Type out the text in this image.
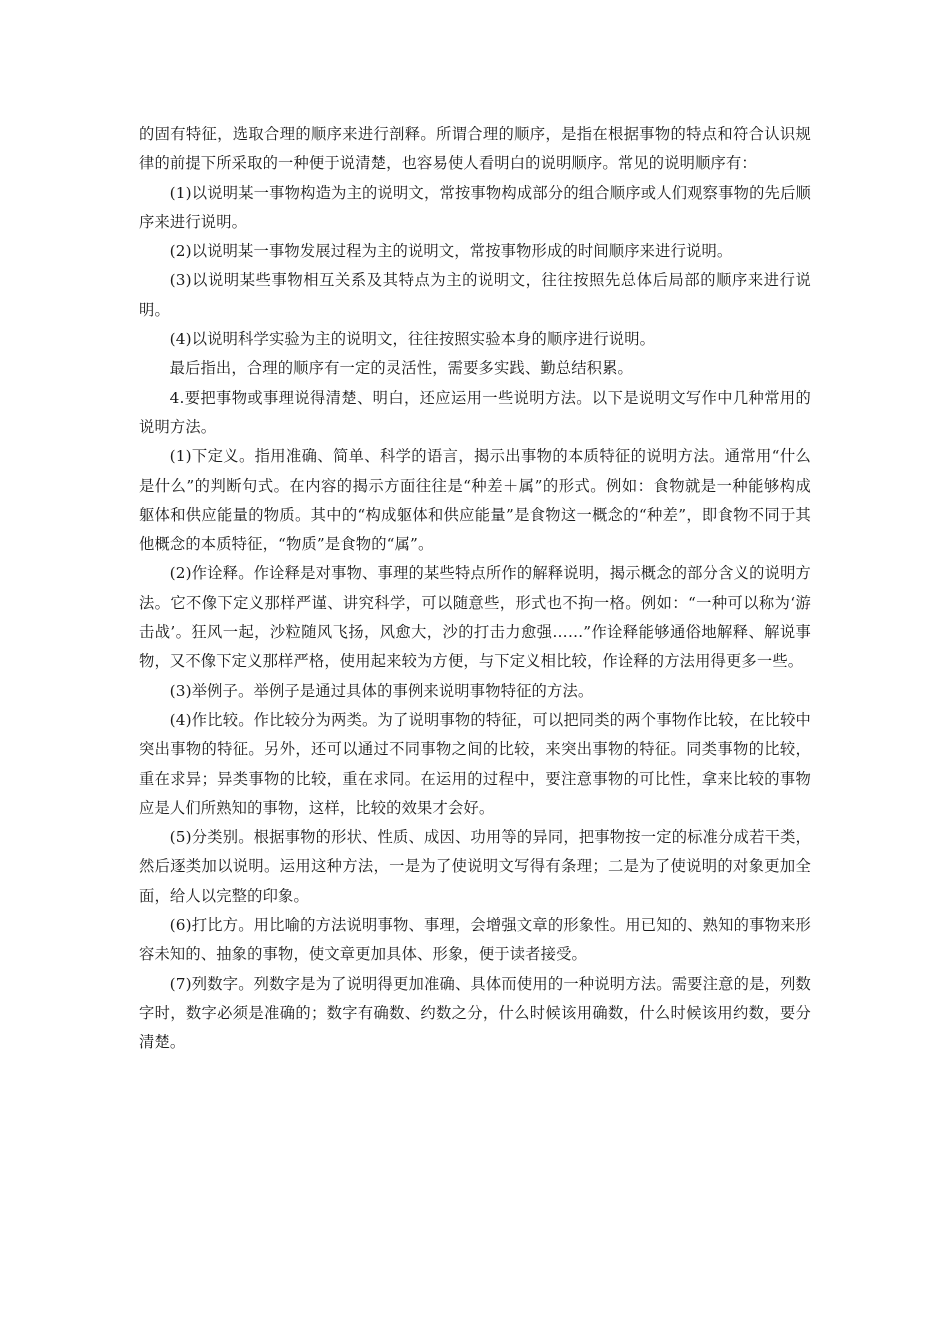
的固有特征，选取合理的顺序来进行剖释。所谓合理的顺序，是指在根据事物的特点和符合认识规律的前提下所采取的一种便于说清楚，也容易使人看明白的说明顺序。常见的说明顺序有：

(1)以说明某一事物构造为主的说明文，常按事物构成部分的组合顺序或人们观察事物的先后顺序来进行说明。

(2)以说明某一事物发展过程为主的说明文，常按事物形成的时间顺序来进行说明。

(3)以说明某些事物相互关系及其特点为主的说明文，往往按照先总体后局部的顺序来进行说明。

(4)以说明科学实验为主的说明文，往往按照实验本身的顺序进行说明。

最后指出，合理的顺序有一定的灵活性，需要多实践、勤总结积累。

4.要把事物或事理说得清楚、明白，还应运用一些说明方法。以下是说明文写作中几种常用的说明方法。

(1)下定义。指用准确、简单、科学的语言，揭示出事物的本质特征的说明方法。通常用“什么是什么”的判断句式。在内容的揭示方面往往是“种差＋属”的形式。例如：食物就是一种能够构成躯体和供应能量的物质。其中的“构成躯体和供应能量”是食物这一概念的“种差”，即食物不同于其他概念的本质特征，“物质”是食物的“属”。

(2)作诠释。作诠释是对事物、事理的某些特点所作的解释说明，揭示概念的部分含义的说明方法。它不像下定义那样严谨、讲究科学，可以随意些，形式也不拘一格。例如：“一种可以称为‘游击战’。狂风一起，沙粒随风飞扬，风愈大，沙的打击力愈强……”作诠释能够通俗地解释、解说事物，又不像下定义那样严格，使用起来较为方便，与下定义相比较，作诠释的方法用得更多一些。

(3)举例子。举例子是通过具体的事例来说明事物特征的方法。

(4)作比较。作比较分为两类。为了说明事物的特征，可以把同类的两个事物作比较，在比较中突出事物的特征。另外，还可以通过不同事物之间的比较，来突出事物的特征。同类事物的比较，重在求异；异类事物的比较，重在求同。在运用的过程中，要注意事物的可比性，拿来比较的事物应是人们所熟知的事物，这样，比较的效果才会好。

(5)分类别。根据事物的形状、性质、成因、功用等的异同，把事物按一定的标准分成若干类，然后逐类加以说明。运用这种方法，一是为了使说明文写得有条理；二是为了使说明的对象更加全面，给人以完整的印象。

(6)打比方。用比喻的方法说明事物、事理，会增强文章的形象性。用已知的、熟知的事物来形容未知的、抽象的事物，使文章更加具体、形象，便于读者接受。

(7)列数字。列数字是为了说明得更加准确、具体而使用的一种说明方法。需要注意的是，列数字时，数字必须是准确的；数字有确数、约数之分，什么时候该用确数，什么时候该用约数，要分清楚。
